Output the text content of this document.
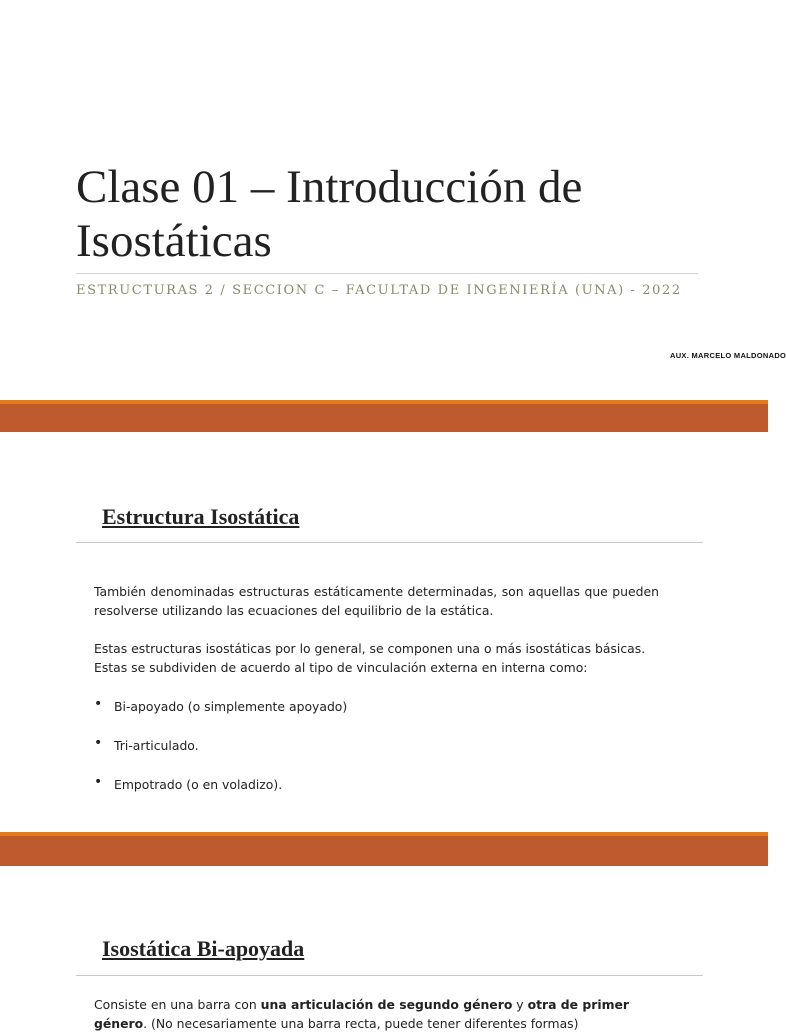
Clase 01 – Introducción de Isostáticas
ESTRUCTURAS 2 / SECCION C – FACULTAD DE INGENIERÍA (UNA) - 2022
AUX. MARCELO MALDONADO
Estructura Isostática

También denominadas estructuras estáticamente determinadas, son aquellas que pueden resolverse utilizando las ecuaciones del equilibrio de la estática.

Estas estructuras isostáticas por lo general, se componen una o más isostáticas básicas.

Estas se subdividen de acuerdo al tipo de vinculación externa en interna como:

• Bi-apoyado (o simplemente apoyado)
• Tri-articulado.
• Empotrado (o en voladizo).
Isostática Bi-apoyada

Consiste en una barra con una articulación de segundo género y otra de primer género. (No necesariamente una barra recta, puede tener diferentes formas)
